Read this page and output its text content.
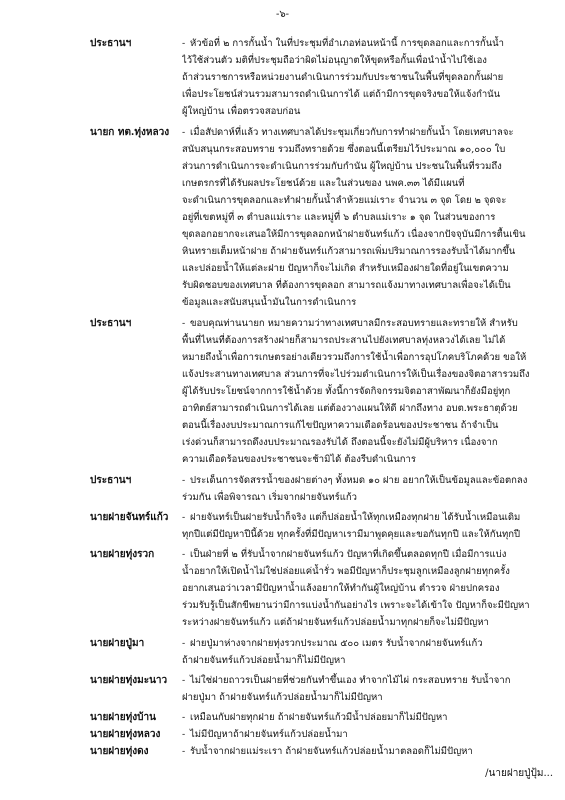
-๖-
ประธานฯ	- หัวข้อที่ ๒ การกั้นน้ำ ในที่ประชุมที่อำเภอท่อนหน้านี้ การขุดลอกและการกั้นน้ำ
ไว้ใช้ส่วนตัว มติที่ประชุมถือว่าผิดไม่อนุญาตให้ขุดหรือกั้นเพื่อนำน้ำไปใช้เอง
ถ้าส่วนราชการหรือหน่วยงานดำเนินการร่วมกับประชาชนในพื้นที่ขุดลอกกั้นฝาย
เพื่อประโยชน์ส่วนรวมสามารถดำเนินการได้ แต่ถ้ามีการขุดจริงขอให้แจ้งกำนัน
ผู้ใหญ่บ้าน เพื่อตรวจสอบก่อน
นายก ทต.ทุ่งหลวง	- เมื่อสัปดาห์ที่แล้ว ทางเทศบาลได้ประชุมเกี่ยวกับการทำฝายกั้นน้ำ โดยเทศบาลจะ
สนับสนุนกระสอบทราย รวมถึงทรายด้วย ซึ่งตอนนี้เตรียมไว้ประมาณ ๑๐,๐๐๐ ใบ
ส่วนการดำเนินการจะดำเนินการร่วมกับกำนัน ผู้ใหญ่บ้าน ประชนในพื้นที่รวมถึง
เกษตรกรที่ได้รับผลประโยชน์ด้วย และในส่วนของ นพค.๓๓ ได้มีแผนที่
จะดำเนินการขุดลอกและทำฝายกั้นน้ำลำห้วยแม่เราะ จำนวน ๓ จุด โดย ๒ จุดจะ
อยู่ที่เขตหมู่ที่ ๓ ตำบลแม่เราะ และหมู่ที่ ๖ ตำบลแม่เราะ ๑ จุด ในส่วนของการ
ขุดลอกอยากจะเสนอให้มีการขุดลอกหน้าฝายจันทร์แก้ว เนื่องจากปัจจุบันมีการตื้นเขิน
หินทรายเต็มหน้าฝาย ถ้าฝายจันทร์แก้วสามารถเพิ่มปริมาณการรองรับน้ำได้มากขึ้น
และปล่อยน้ำให้แต่ละฝาย ปัญหาก็จะไม่เกิด สำหรับเหมืองฝายใดที่อยู่ในเขตความ
รับผิดชอบของเทศบาล ที่ต้องการขุดลอก สามารถแจ้งมาทางเทศบาลเพื่อจะได้เป็น
ข้อมูลและสนับสนุนน้ำมันในการดำเนินการ
ประธานฯ	- ขอบคุณท่านนายก หมายความว่าทางเทศบาลมีกระสอบทรายและทรายให้ สำหรับ
พื้นที่ไหนที่ต้องการสร้างฝายก็สามารถประสานไปยังเทศบาลทุ่งหลวงได้เลย ไม่ได้
หมายถึงน้ำเพื่อการเกษตรอย่างเดียวรวมถึงการใช้น้ำเพื่อการอุปโภคบริโภคด้วย ขอให้
แจ้งประสานทางเทศบาล ส่วนการที่จะไปร่วมดำเนินการให้เป็นเรื่องของจิตอาสารวมถึง
ผู้ได้รับประโยชน์จากการใช้น้ำด้วย ทั้งนี้การจัดกิจกรรมจิตอาสาพัฒนาก็ยังมีอยู่ทุก
อาทิตย์สามารถดำเนินการได้เลย แต่ต้องวางแผนให้ดี ฝากถึงทาง อบต.พระธาตุด้วย
ตอนนี้เรื่องงบประมาณการแก้ไขปัญหาความเดือดร้อนของประชาชน ถ้าจำเป็น
เร่งด่วนก็สามารถดึงงบประมาณรองรับได้ ถึงตอนนี้จะยังไม่มีผู้บริหาร เนื่องจาก
ความเดือดร้อนของประชาชนจะช้ามิได้ ต้องรีบดำเนินการ
ประธานฯ	- ประเด็นการจัดสรรน้ำของฝายต่างๆ ทั้งหมด ๑๐ ฝาย อยากให้เป็นข้อมูลและข้อตกลง
ร่วมกัน เพื่อพิจารณา เริ่มจากฝายจันทร์แก้ว
นายฝายจันทร์แก้ว	- ฝายจันทร์เป็นฝายรับน้ำก็จริง แต่ก็ปล่อยน้ำให้ทุกเหมืองทุกฝาย ได้รับน้ำเหมือนเดิม
ทุกปีแต่มีปัญหาปีนี้ด้วย ทุกครั้งที่มีปัญหาเรามีมาพูดคุยและขอกันทุกปี และให้กันทุกปี
นายฝายทุ่งรวก	- เป็นฝ่ายที่ ๒ ที่รับน้ำจากฝายจันทร์แก้ว ปัญหาที่เกิดขึ้นตลอดทุกปี เมื่อมีการแบ่ง
น้ำอยากให้เปิดน้ำไม่ใช่ปล่อยแค่น้ำรั่ว พอมีปัญหาก็ประชุมลูกเหมืองลูกฝายทุกครั้ง
อยากเสนอว่าเวลามีปัญหาน้ำแล้งอยากให้ทำกันผู้ใหญ่บ้าน ตำรวจ ฝ่ายปกครอง
ร่วมรับรู้เป็นสักขีพยานว่ามีการแบ่งน้ำกันอย่างไร เพราะจะได้เข้าใจ ปัญหาก็จะมีปัญหา
ระหว่างฝายจันทร์แก้ว แต่ถ้าฝายจันทร์แก้วปล่อยน้ำมาทุกฝายก็จะไม่มีปัญหา
นายฝายปู่มา	- ฝายปู่มาห่างจากฝายทุ่งรวกประมาณ ๕๐๐ เมตร รับน้ำจากฝายจันทร์แก้ว
ถ้าฝายจันทร์แก้วปล่อยน้ำมาก็ไม่มีปัญหา
นายฝายทุ่งมะนาว	- ไม่ใช่ฝายถาวรเป็นฝายที่ช่วยกันทำขึ้นเอง ทำจากไม้ไผ่ กระสอบทราย รับน้ำจาก
ฝายปู่มา ถ้าฝายจันทร์แก้วปล่อยน้ำมาก็ไม่มีปัญหา
นายฝายทุ่งบ้าน	- เหมือนกับฝายทุกฝาย ถ้าฝายจันทร์แก้วมีน้ำปล่อยมาก็ไม่มีปัญหา
นายฝายทุ่งหลวง	- ไม่มีปัญหาถ้าฝายจันทร์แก้วปล่อยน้ำมา
นายฝายทุ่งดง	- รับน้ำจากฝายแม่ระเรา ถ้าฝายจันทร์แก้วปล่อยน้ำมาตลอดก็ไม่มีปัญหา
/นายฝายปู่ปุ้ม...
